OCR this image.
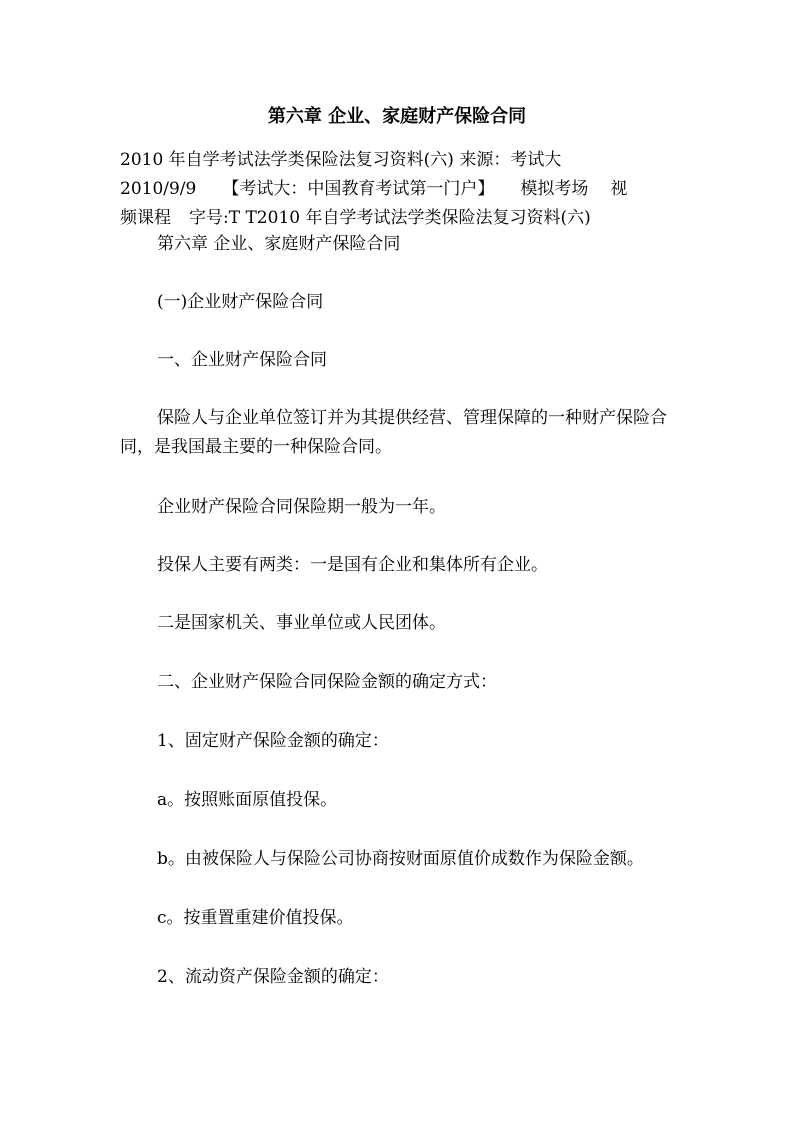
第六章 企业、家庭财产保险合同
2010 年自学考试法学类保险法复习资料(六) 来源：考试大
2010/9/9 【考试大：中国教育考试第一门户】 模拟考场 视
频课程 字号:T T2010 年自学考试法学类保险法复习资料(六)

第六章 企业、家庭财产保险合同

(一)企业财产保险合同

一、企业财产保险合同

保险人与企业单位签订并为其提供经营、管理保障的一种财产保险合同，是我国最主要的一种保险合同。

企业财产保险合同保险期一般为一年。

投保人主要有两类：一是国有企业和集体所有企业。

二是国家机关、事业单位或人民团体。

二、企业财产保险合同保险金额的确定方式：

1、固定财产保险金额的确定：

a。按照账面原值投保。

b。由被保险人与保险公司协商按财面原值价成数作为保险金额。

c。按重置重建价值投保。

2、流动资产保险金额的确定：
